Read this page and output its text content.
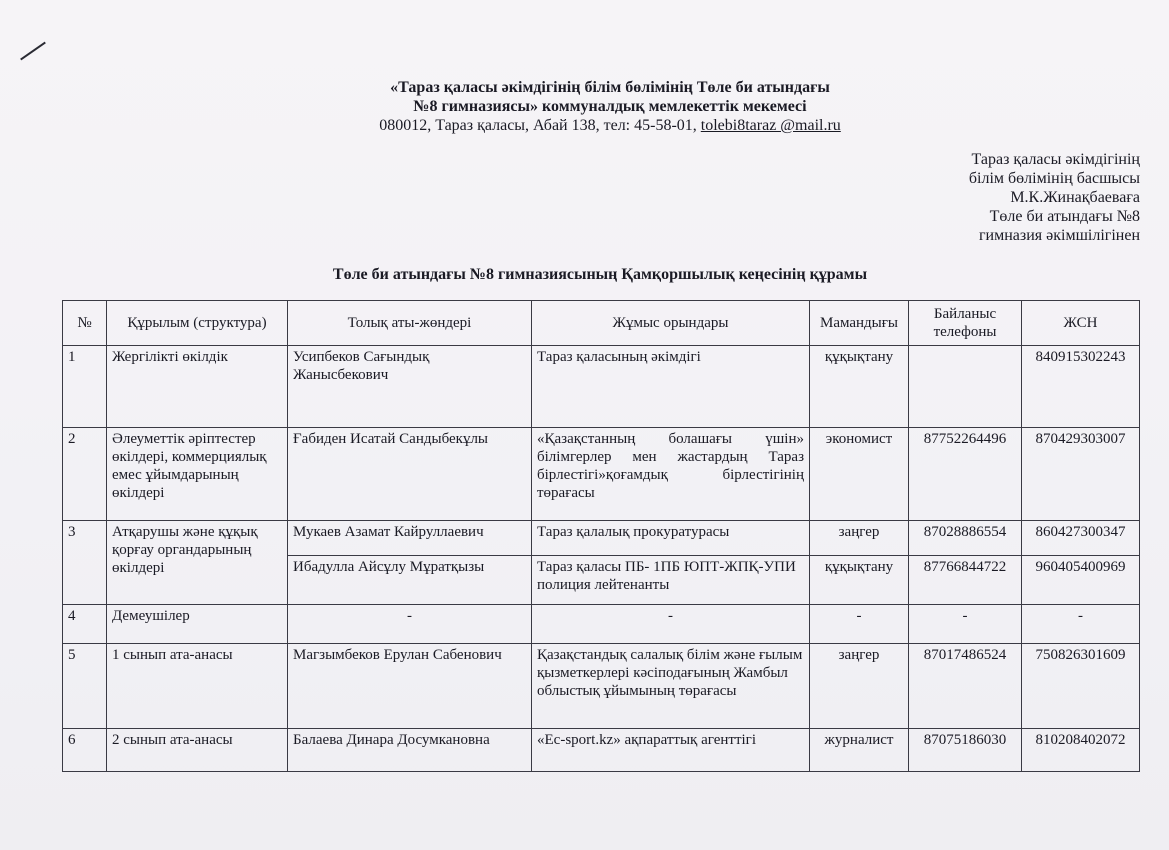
«Тараз қаласы әкімдігінің білім бөлімінің Төле би атындағы
№8 гимназиясы» коммуналдық мемлекеттік мекемесі
080012, Тараз қаласы, Абай 138, тел: 45-58-01, tolebi8taraz @mail.ru
Тараз қаласы әкімдігінің
білім бөлімінің басшысы
М.К.Жинақбаеваға
Төле би атындағы №8
гимназия әкімшілігінен
Төле би атындағы №8 гимназиясының Қамқоршылық кеңесінің құрамы
№	Құрылым (структура)	Толық аты-жөндері	Жұмыс орындары	Мамандығы	Байланыс телефоны	ЖСН
1	Жергілікті өкілдік	Усипбеков Сағындық Жаныcбекович	Тараз қаласының әкімдігі	құқықтану		840915302243
2	Әлеуметтік әріптестер өкілдері, коммерциялық емес ұйымдарының өкілдері	Ғабиден Исатай Сандыбекұлы	«Қазақстанның болашағы үшін» білімгерлер мен жастардың Тараз бірлестігі»қоғамдық бірлестігінің төрағасы	экономист	87752264496	870429303007
3	Атқарушы және құқық қорғау органдарының өкілдері	Мукаев Азамат Кайруллаевич	Тараз қалалық прокуратурасы	заңгер	87028886554	860427300347
		Ибадулла Айсұлу Мұратқызы	Тараз қаласы ПБ- 1ПБ ЮПТ-ЖПҚ-УПИ полиция лейтенанты	құқықтану	87766844722	960405400969
4	Демеушілер	-	-	-	-	-
5	1 сынып ата-анасы	Магзымбеков Ерулан Сабенович	Қазақстандық салалық білім және ғылым қызметкерлері кәсіподағының Жамбыл облыстық ұйымының төрағасы	заңгер	87017486524	750826301609
6	2 сынып ата-анасы	Балаева Динара Досумкановна	«Ес-sport.kz» ақпараттық агенттігі	журналист	87075186030	810208402072
